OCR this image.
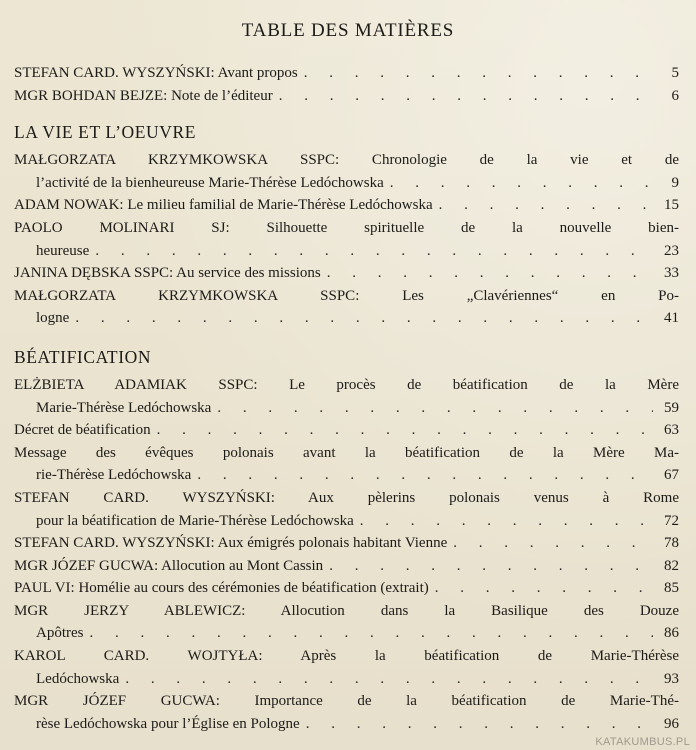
TABLE DES MATIÈRES
STEFAN CARD. WYSZYŃSKI: Avant propos . . .	5
MGR BOHDAN BEJZE: Note de l’éditeur . . .	6
LA VIE ET L’OEUVRE
MAŁGORZATA KRZYMKOWSKA SSPC: Chronologie de la vie et de
l’activité de la bienheureuse Marie-Thérèse Ledóchowska . . .	9
ADAM NOWAK: Le milieu familial de Marie-Thérèse Ledóchowska . . .	15
PAOLO MOLINARI SJ: Silhouette spirituelle de la nouvelle bien-
heureuse . . .	23
JANINA DĘBSKA SSPC: Au service des missions . . .	33
MAŁGORZATA KRZYMKOWSKA SSPC: Les „Clavériennes“ en Po-
logne . . .	41
BÉATIFICATION
ELŻBIETA ADAMIAK SSPC: Le procès de béatification de la Mère
Marie-Thérèse Ledóchowska . . .	59
Décret de béatification . . .	63
Message des évêques polonais avant la béatification de la Mère Ma-
rie-Thérèse Ledóchowska . . .	67
STEFAN CARD. WYSZYŃSKI: Aux pèlerins polonais venus à Rome
pour la béatification de Marie-Thérèse Ledóchowska . . .	72
STEFAN CARD. WYSZYŃSKI: Aux émigrés polonais habitant Vienne . . .	78
MGR JÓZEF GUCWA: Allocution au Mont Cassin . . .	82
PAUL VI: Homélie au cours des cérémonies de béatification (extrait) . . .	85
MGR JERZY ABLEWICZ: Allocution dans la Basilique des Douze
Apôtres . . .	86
KAROL CARD. WOJTYŁA: Après la béatification de Marie-Thérèse
Ledóchowska . . .	93
MGR JÓZEF GUCWA: Importance de la béatification de Marie-Thé-
rèse Ledóchowska pour l’Église en Pologne . . .	96
KATAKUMBUS.PL
